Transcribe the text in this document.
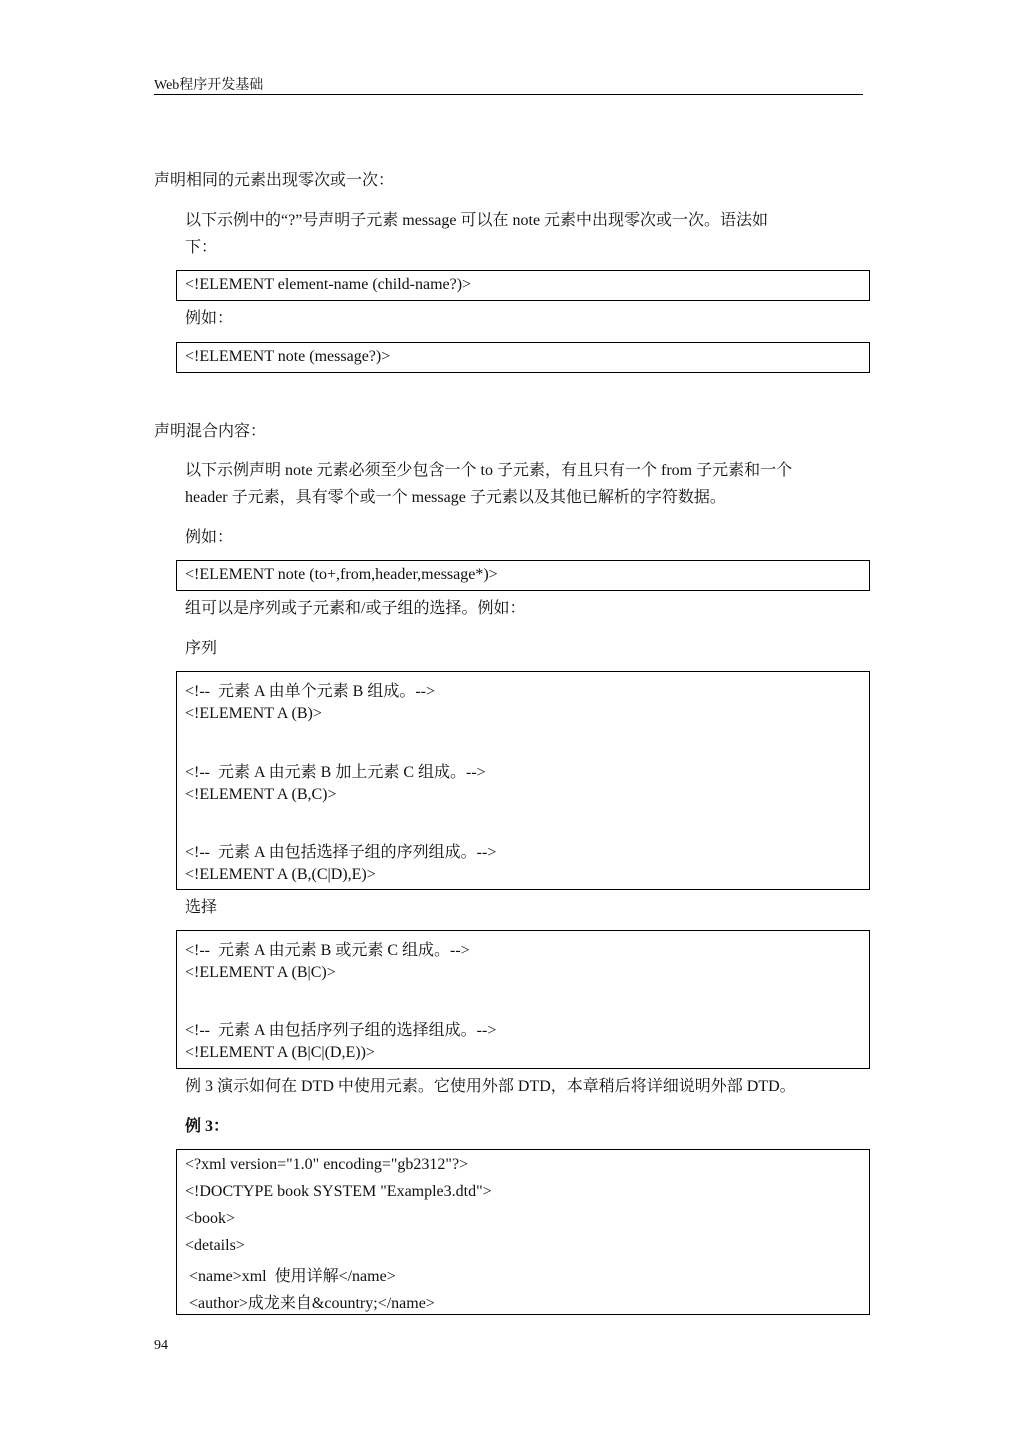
Web程序开发基础
声明相同的元素出现零次或一次：
以下示例中的“?”号声明子元素 message 可以在 note 元素中出现零次或一次。语法如
下：
<!ELEMENT element-name (child-name?)>
例如：
<!ELEMENT note (message?)>
声明混合内容：
以下示例声明 note 元素必须至少包含一个 to 子元素，有且只有一个 from 子元素和一个
header 子元素，具有零个或一个 message 子元素以及其他已解析的字符数据。
例如：
<!ELEMENT note (to+,from,header,message*)>
组可以是序列或子元素和/或子组的选择。例如：
序列
<!--  元素 A 由单个元素 B 组成。-->
<!ELEMENT A (B)>
<!--  元素 A 由元素 B 加上元素 C 组成。-->
<!ELEMENT A (B,C)>
<!--  元素 A 由包括选择子组的序列组成。-->
<!ELEMENT A (B,(C|D),E)>
选择
<!--  元素 A 由元素 B 或元素 C 组成。-->
<!ELEMENT A (B|C)>
<!--  元素 A 由包括序列子组的选择组成。-->
<!ELEMENT A (B|C|(D,E))>
例 3 演示如何在 DTD 中使用元素。它使用外部 DTD，本章稍后将详细说明外部 DTD。
例 3：
<?xml version="1.0" encoding="gb2312"?>
<!DOCTYPE book SYSTEM "Example3.dtd">
<book>
<details>
<name>xml  使用详解</name>
<author>成龙来自&country;</name>
94
